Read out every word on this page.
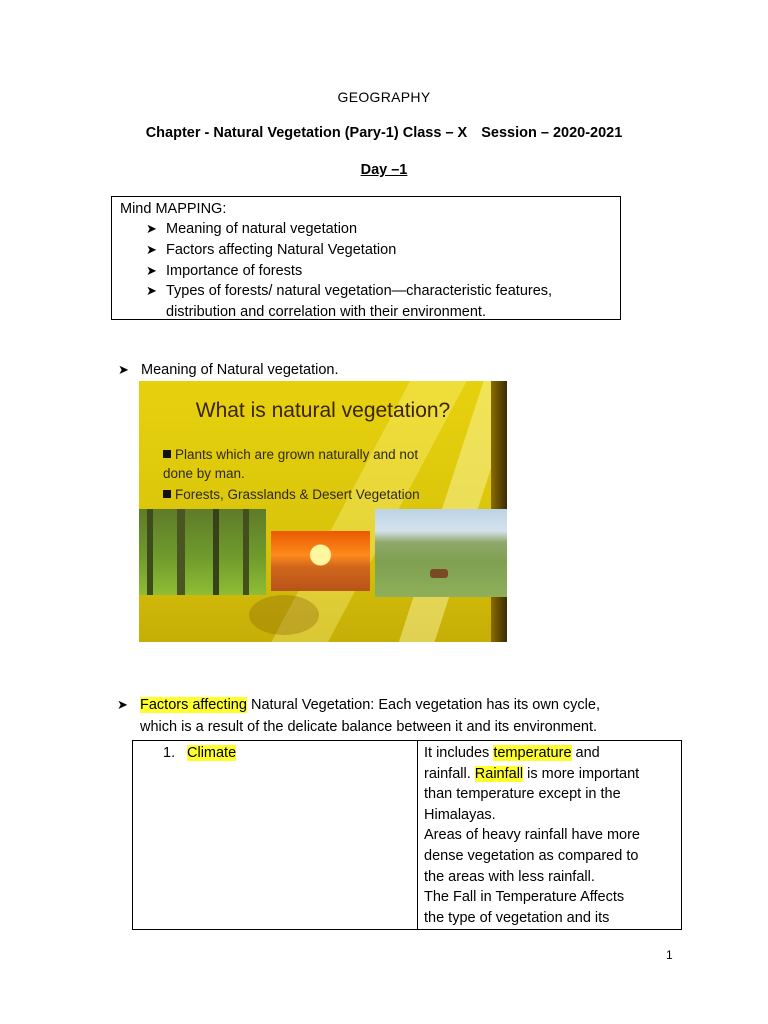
GEOGRAPHY
Chapter - Natural Vegetation (Pary-1) Class – X Session – 2020-2021
Day –1
Mind MAPPING:
➤ Meaning of natural vegetation
➤ Factors affecting Natural Vegetation
➤ Importance of forests
➤ Types of forests/ natural vegetation—characteristic features,
distribution and correlation with their environment.
➤ Meaning of Natural vegetation.
What is natural vegetation?
Plants which are grown naturally and not
done by man.
Forests, Grasslands & Desert Vegetation
➤ Factors affecting Natural Vegetation: Each vegetation has its own cycle,
which is a result of the delicate balance between it and its environment.
1. Climate	It includes temperature and
rainfall. Rainfall is more important
than temperature except in the
Himalayas.
Areas of heavy rainfall have more
dense vegetation as compared to
the areas with less rainfall.
The Fall in Temperature Affects
the type of vegetation and its
1
